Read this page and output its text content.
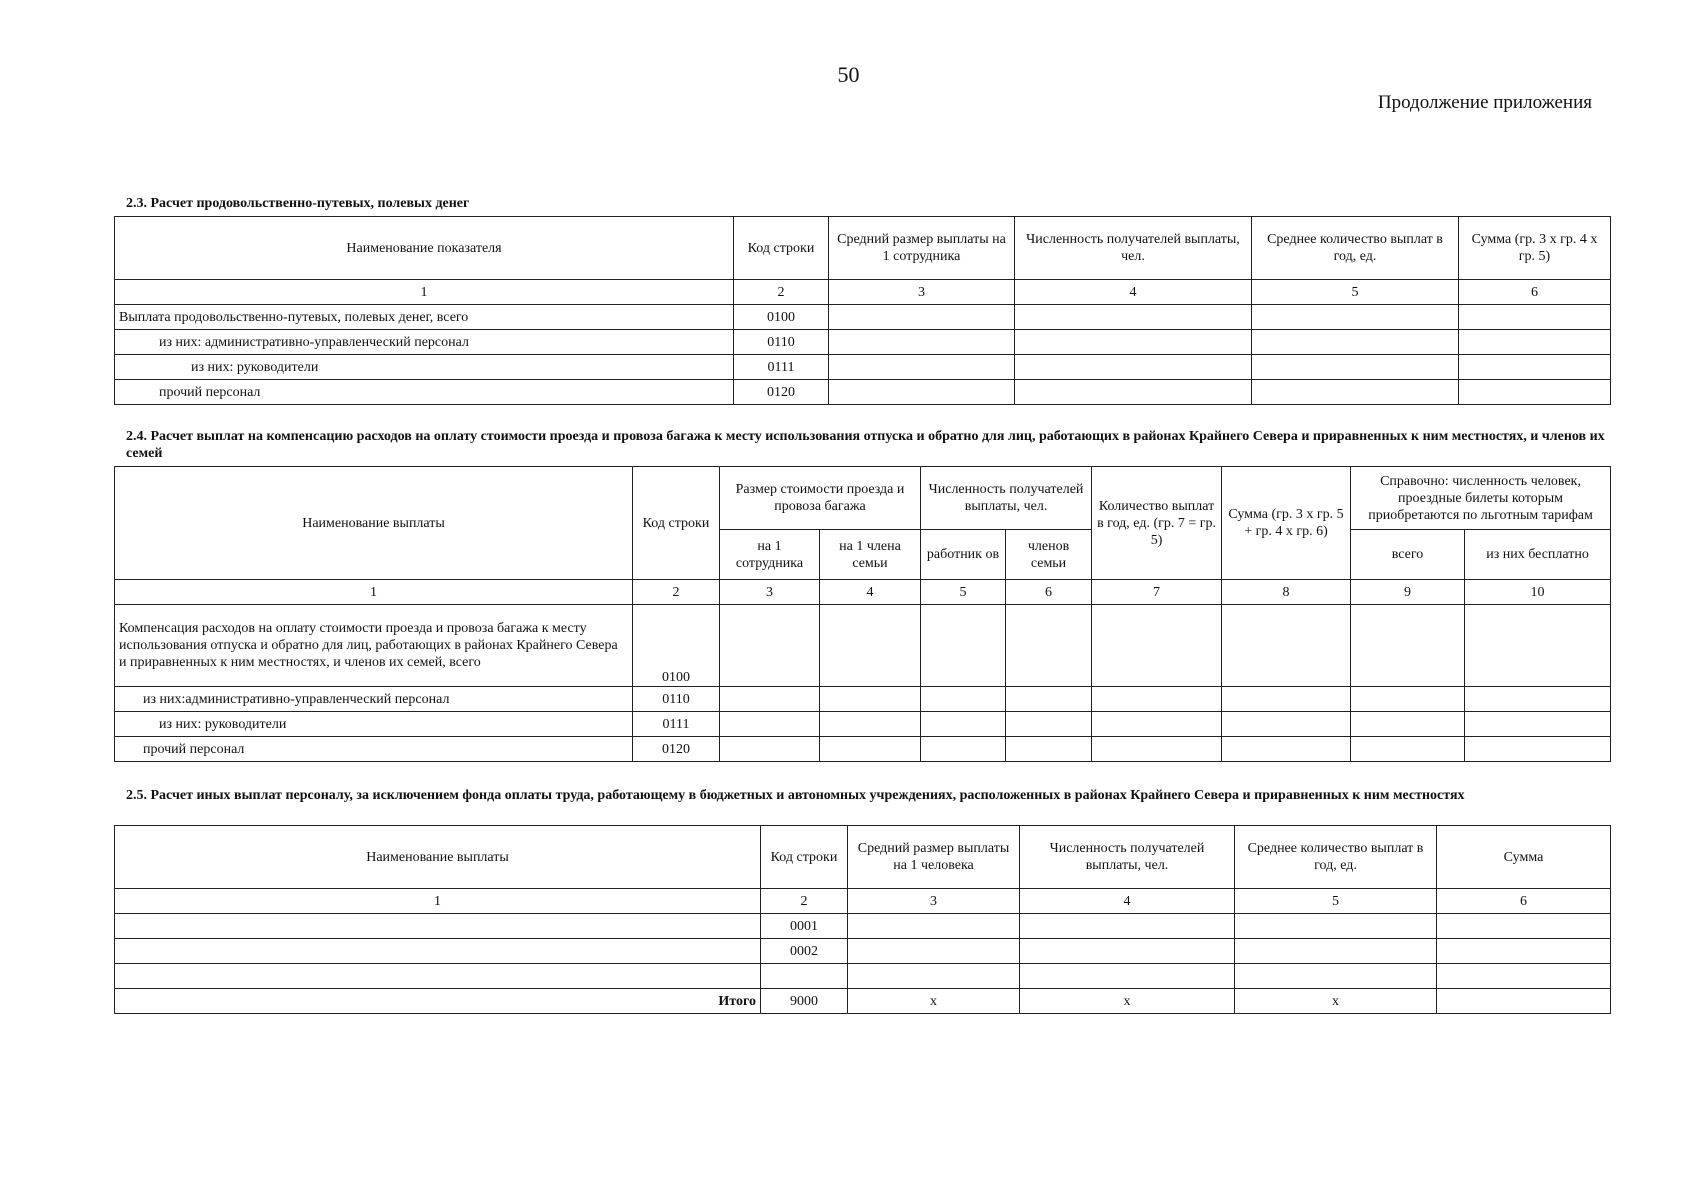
50
Продолжение приложения
2.3. Расчет продовольственно-путевых, полевых денег
Наименование показателя	Код строки	Средний размер выплаты на 1 сотрудника	Численность получателей выплаты, чел.	Среднее количество выплат в год, ед.	Сумма (гр. 3 х гр. 4 х гр. 5)
1	2	3	4	5	6
Выплата продовольственно-путевых, полевых денег, всего	0100				
из них: административно-управленческий персонал	0110				
из них: руководители	0111				
прочий персонал	0120				
2.4. Расчет выплат на компенсацию расходов на оплату стоимости проезда и провоза багажа к месту использования отпуска и обратно для лиц, работающих в районах Крайнего Севера и приравненных к ним местностях, и членов их семей
Наименование выплаты	Код строки	Размер стоимости проезда и провоза багажа		Численность получателей выплаты, чел.		Количество выплат в год, ед. (гр. 7 = гр. 5)	Сумма (гр. 3 х гр. 5 + гр. 4 х гр. 6)	Справочно: численность человек, проездные билеты которым приобретаются по льготным тарифам	
		на 1 сотрудника	на 1 члена семьи	работник ов	членов семьи			всего	из них бесплатно
1	2	3	4	5	6	7	8	9	10
Компенсация расходов на оплату стоимости проезда и провоза багажа к месту использования отпуска и обратно для лиц, работающих в районах Крайнего Севера и приравненных к ним местностях, и членов их семей, всего	0100								
из них:административно-управленческий персонал	0110								
из них: руководители	0111								
прочий персонал	0120								
2.5. Расчет иных выплат персоналу, за исключением фонда оплаты труда, работающему в бюджетных и автономных учреждениях, расположенных в районах Крайнего Севера и приравненных к ним местностях
Наименование выплаты	Код строки	Средний размер выплаты на 1 человека	Численность получателей выплаты, чел.	Среднее количество выплат в год, ед.	Сумма
1	2	3	4	5	6
	0001				
	0002				

Итого	9000	х	х	х	
